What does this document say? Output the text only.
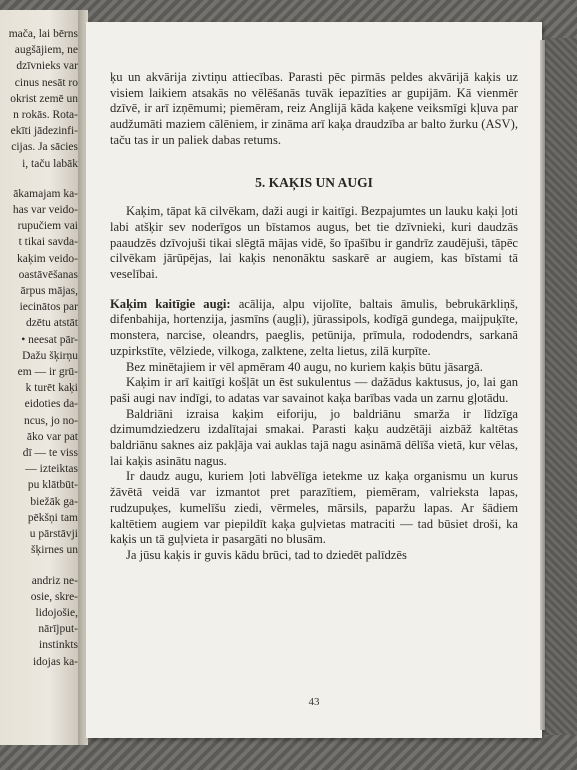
mača, lai bērns
augšājiem, ne
dzīvnieks var
cinus nesāt ro
okrist zemē un
n rokās. Rota-
ekīti jādezinfi-
cijas. Ja sācies
i, taču labāk
ākamajam ka-
has var veido-
rupučiem vai
t tikai savda-
kaķim veido-
oastāvēšanas
ārpus mājas,
iecinātos par
dzētu atstāt
• neesat pār-
Dažu šķirņu
em — ir grū-
k turēt kaķi
eidoties da-
ncus, jo no-
āko var pat
dī — te viss
— izteiktas
pu klātbūt-
biežāk ga-
pēkšņi tam
u pārstāvji
šķirnes un
andriz ne-
osie, skre-
lidojošie,
nārījput-
instinkts
idojas ka-

ķu un akvārija zivtiņu attiecības. Parasti pēc pirmās peldes akvārijā kaķis uz visiem laikiem atsakās no vēlēšanās tuvāk iepazīties ar gupijām. Kā vienmēr dzīvē, ir arī izņēmumi; piemēram, reiz Anglijā kāda kaķene veiksmīgi kļuva par audžumāti maziem cālēniem, ir zināma arī kaķa draudzība ar balto žurku (ASV), taču tas ir un paliek dabas retums.

5. KAĶIS UN AUGI

Kaķim, tāpat kā cilvēkam, daži augi ir kaitīgi. Bezpajumtes un lauku kaķi ļoti labi atšķir sev noderīgos un bīstamos augus, bet tie dzīvnieki, kuri daudzās paaudzēs dzīvojuši tikai slēgtā mājas vidē, šo īpašību ir gandrīz zaudējuši, tāpēc cilvēkam jārūpējas, lai kaķis nenonāktu saskarē ar augiem, kas bīstami tā veselībai.

Kaķim kaitīgie augi: acālija, alpu vijolīte, baltais āmulis, bebrukārkliņš, difenbahija, hortenzija, jasmīns (augļi), jūrassipols, kodīgā gundega, maijpuķīte, monstera, narcise, oleandrs, paeglis, petūnija, prīmula, rododendrs, sarkanā uzpirkstīte, vēlziede, vilkoga, zalktene, zelta lietus, zilā kurpīte.

Bez minētajiem ir vēl apmēram 40 augu, no kuriem kaķis būtu jāsargā.

Kaķim ir arī kaitīgi košļāt un ēst sukulentus — dažādus kaktusus, jo, lai gan paši augi nav indīgi, to adatas var savainot kaķa barības vada un zarnu gļotādu.

Baldriāni izraisa kaķim eiforiju, jo baldriānu smarža ir līdzīga dzimumdziedzeru izdalītajai smakai. Parasti kaķu audzētāji aizbāž kaltētas baldriānu saknes aiz pakļāja vai auklas tajā nagu asināmā dēlīša vietā, kur vēlas, lai kaķis asinātu nagus.

Ir daudz augu, kuriem ļoti labvēlīga ietekme uz kaķa organismu un kurus žāvētā veidā var izmantot pret parazītiem, piemēram, valrieksta lapas, rudzupuķes, kumelīšu ziedi, vērmeles, mārsils, paparžu lapas. Ar šādiem kaltētiem augiem var piepildīt kaķa guļvietas matraciti — tad būsiet droši, ka kaķis un tā guļvieta ir pasargāti no blusām.

Ja jūsu kaķis ir guvis kādu brūci, tad to dziedēt palīdzēs

43
